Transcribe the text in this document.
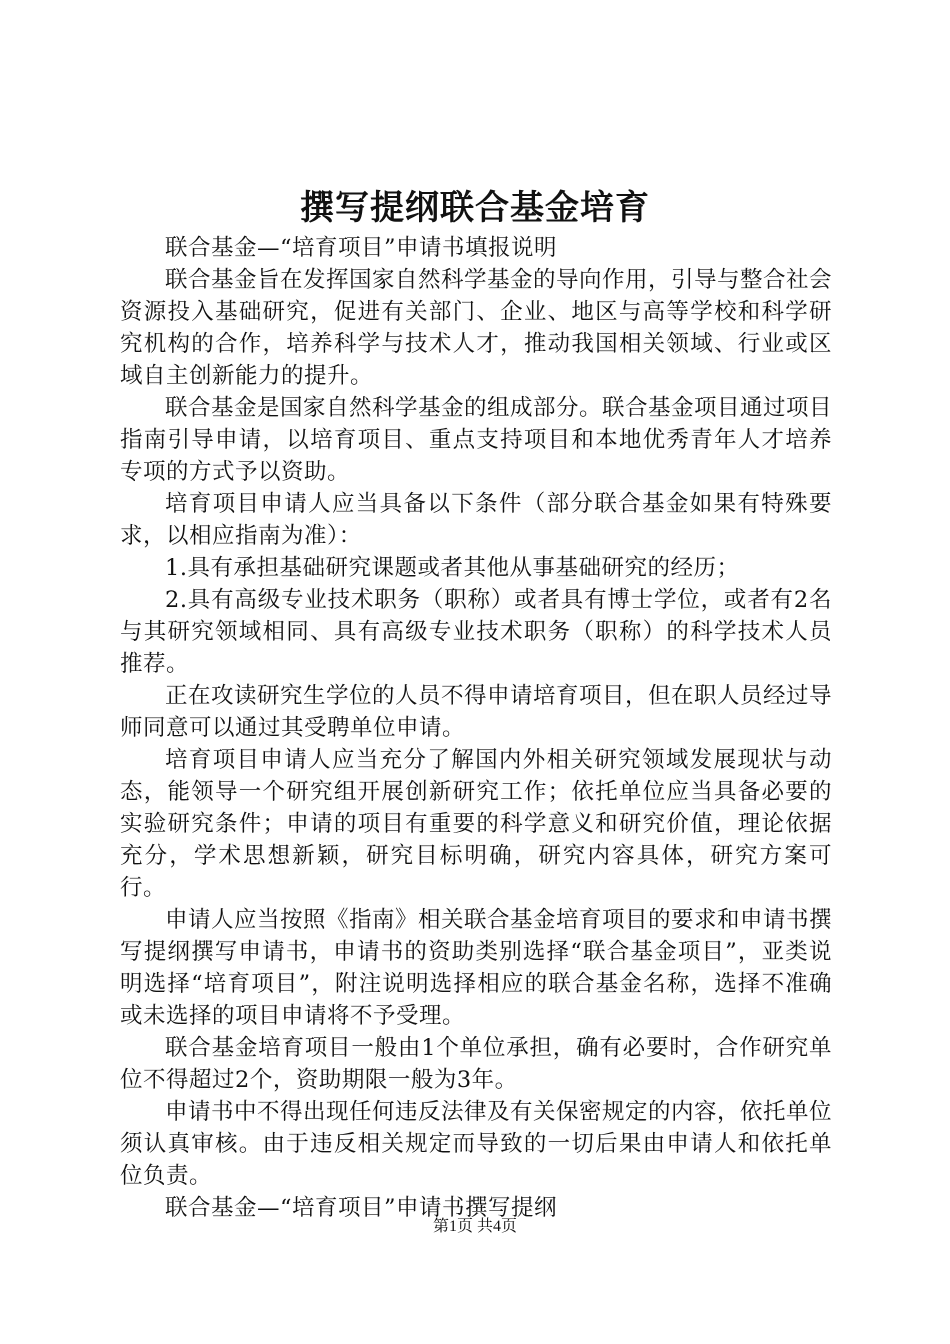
撰写提纲联合基金培育

联合基金—“培育项目”申请书填报说明

联合基金旨在发挥国家自然科学基金的导向作用，引导与整合社会资源投入基础研究，促进有关部门、企业、地区与高等学校和科学研究机构的合作，培养科学与技术人才，推动我国相关领域、行业或区域自主创新能力的提升。

联合基金是国家自然科学基金的组成部分。联合基金项目通过项目指南引导申请，以培育项目、重点支持项目和本地优秀青年人才培养专项的方式予以资助。

培育项目申请人应当具备以下条件（部分联合基金如果有特殊要求，以相应指南为准）：

1.具有承担基础研究课题或者其他从事基础研究的经历；

2.具有高级专业技术职务（职称）或者具有博士学位，或者有2名与其研究领域相同、具有高级专业技术职务（职称）的科学技术人员推荐。

正在攻读研究生学位的人员不得申请培育项目，但在职人员经过导师同意可以通过其受聘单位申请。

培育项目申请人应当充分了解国内外相关研究领域发展现状与动态，能领导一个研究组开展创新研究工作；依托单位应当具备必要的实验研究条件；申请的项目有重要的科学意义和研究价值，理论依据充分，学术思想新颖，研究目标明确，研究内容具体，研究方案可行。

申请人应当按照《指南》相关联合基金培育项目的要求和申请书撰写提纲撰写申请书，申请书的资助类别选择“联合基金项目”，亚类说明选择“培育项目”，附注说明选择相应的联合基金名称，选择不准确或未选择的项目申请将不予受理。

联合基金培育项目一般由1个单位承担，确有必要时，合作研究单位不得超过2个，资助期限一般为3年。

申请书中不得出现任何违反法律及有关保密规定的内容，依托单位须认真审核。由于违反相关规定而导致的一切后果由申请人和依托单位负责。

联合基金—“培育项目”申请书撰写提纲

第1页 共4页
